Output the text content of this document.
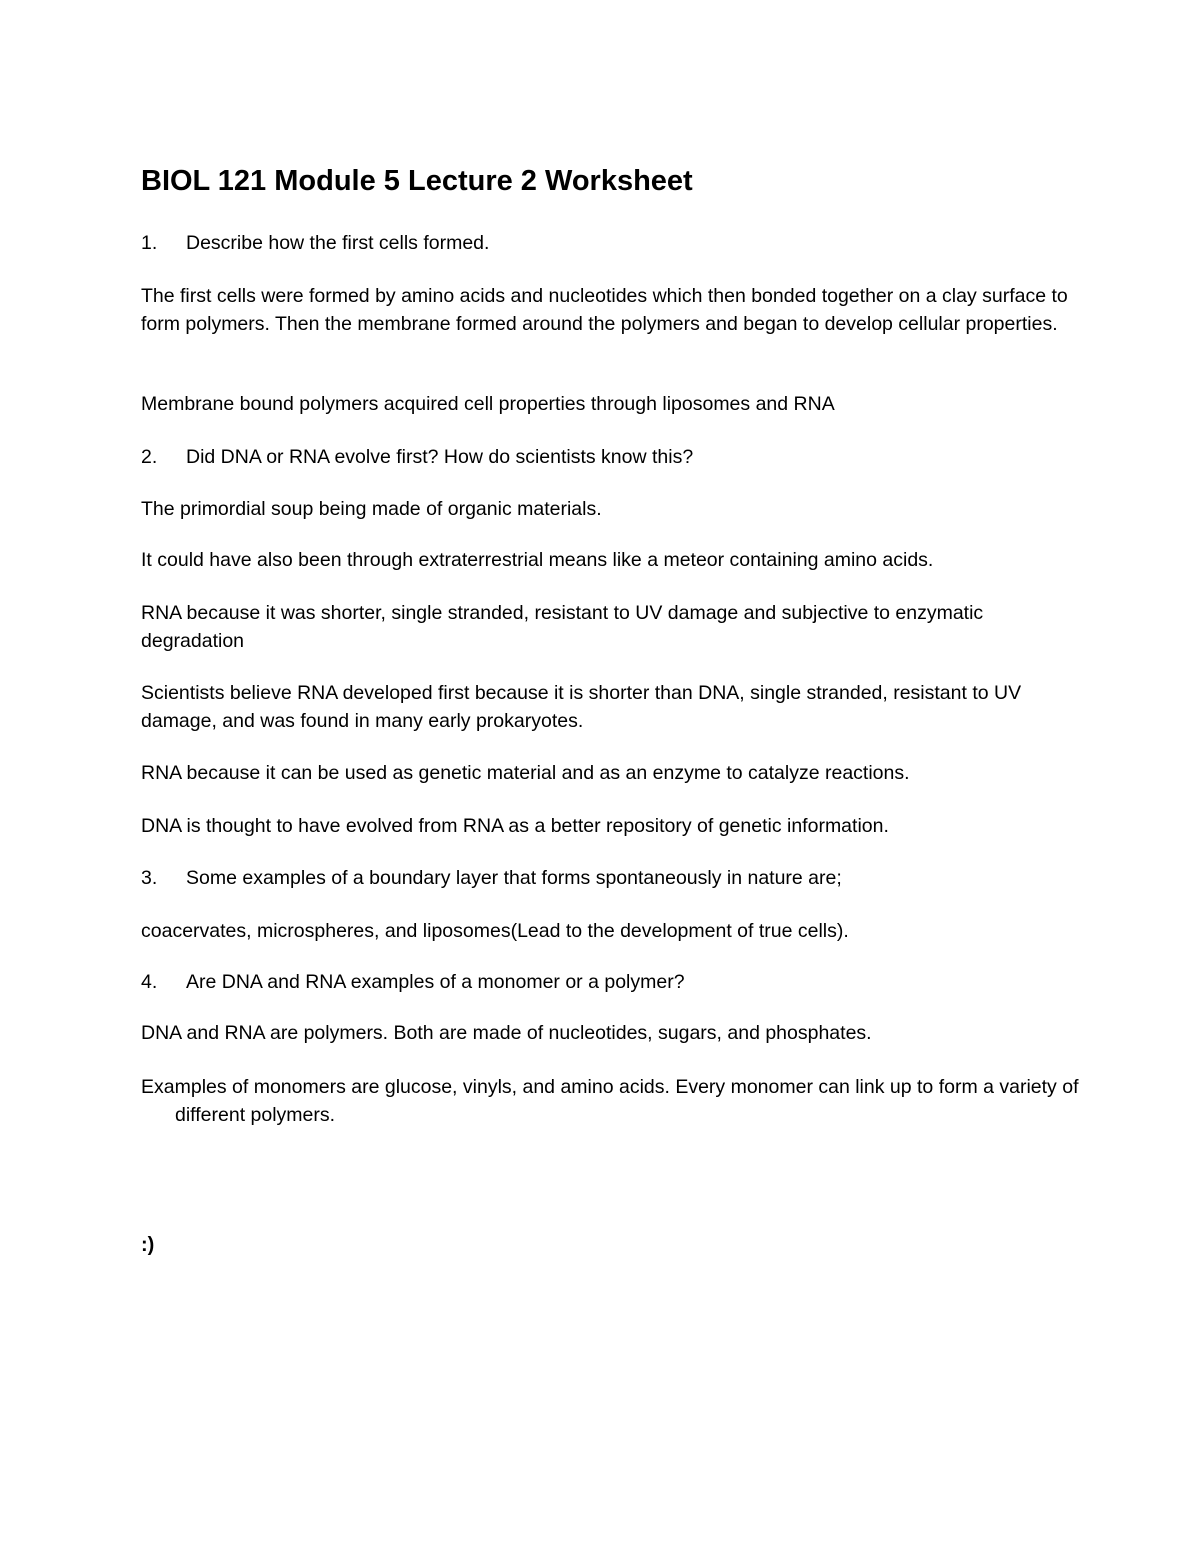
BIOL 121 Module 5 Lecture 2 Worksheet

1. Describe how the first cells formed.

The first cells were formed by amino acids and nucleotides which then bonded together on a clay surface to form polymers. Then the membrane formed around the polymers and began to develop cellular properties.

Membrane bound polymers acquired cell properties through liposomes and RNA

2. Did DNA or RNA evolve first? How do scientists know this?

The primordial soup being made of organic materials.

It could have also been through extraterrestrial means like a meteor containing amino acids.

RNA because it was shorter, single stranded, resistant to UV damage and subjective to enzymatic degradation

Scientists believe RNA developed first because it is shorter than DNA, single stranded, resistant to UV damage, and was found in many early prokaryotes.

RNA because it can be used as genetic material and as an enzyme to catalyze reactions.

DNA is thought to have evolved from RNA as a better repository of genetic information.

3. Some examples of a boundary layer that forms spontaneously in nature are;

coacervates, microspheres, and liposomes(Lead to the development of true cells).

4. Are DNA and RNA examples of a monomer or a polymer?

DNA and RNA are polymers. Both are made of nucleotides, sugars, and phosphates.

Examples of monomers are glucose, vinyls, and amino acids. Every monomer can link up to form a variety of different polymers.

:)
